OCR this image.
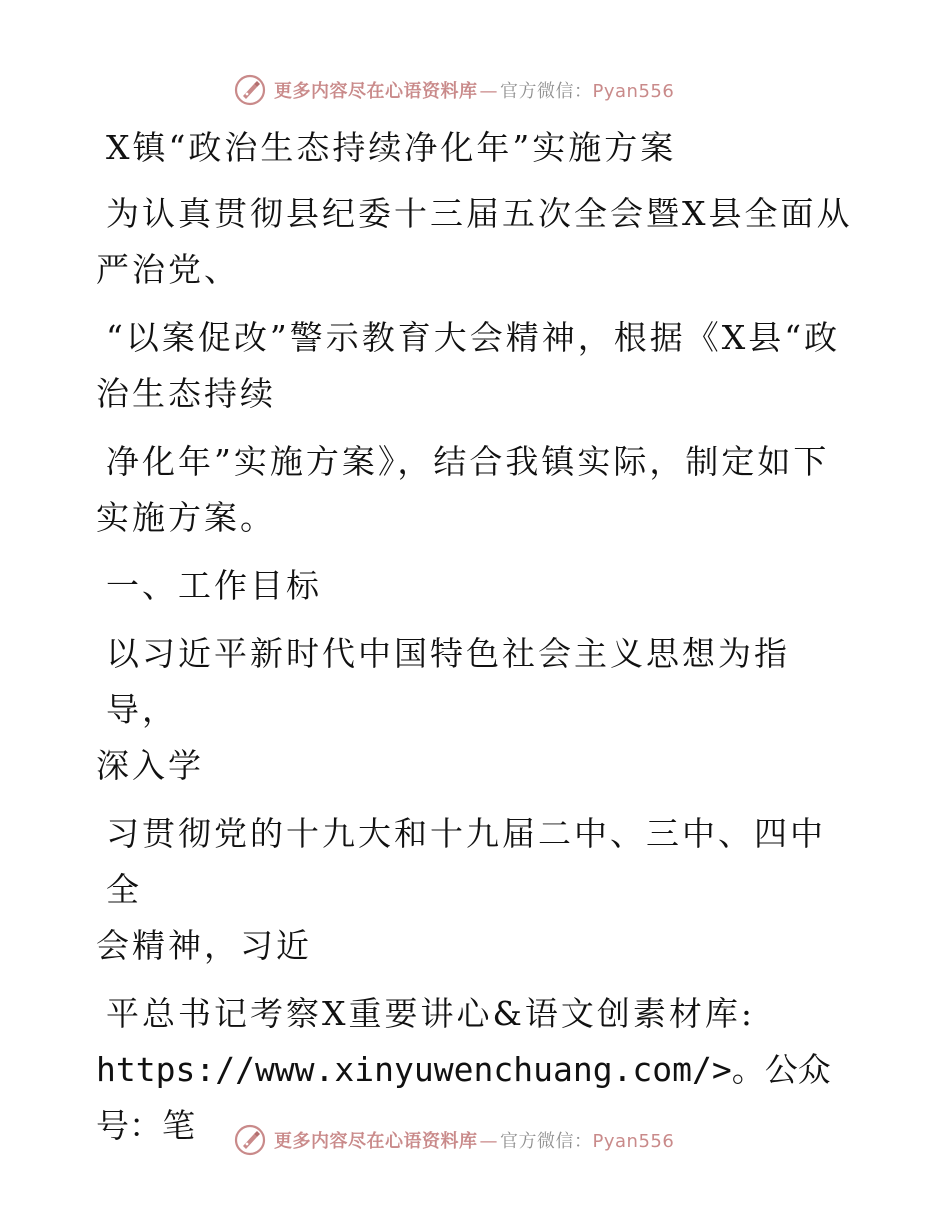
更多内容尽在心语资料库 — 官方微信： Pyan556

X镇“政治生态持续净化年”实施方案

为认真贯彻县纪委十三届五次全会暨X县全面从
严治党、

“以案促改”警示教育大会精神，根据《X县“政
治生态持续

净化年”实施方案》，结合我镇实际，制定如下
实施方案。

一、工作目标

以习近平新时代中国特色社会主义思想为指导，
深入学

习贯彻党的十九大和十九届二中、三中、四中全
会精神，习近

平总书记考察X重要讲心&语文创素材库:
https://www.xinyuwenchuang.com/>。公众号：笔	更多内容尽在心语资料库 — 官方微信： Pyan556
